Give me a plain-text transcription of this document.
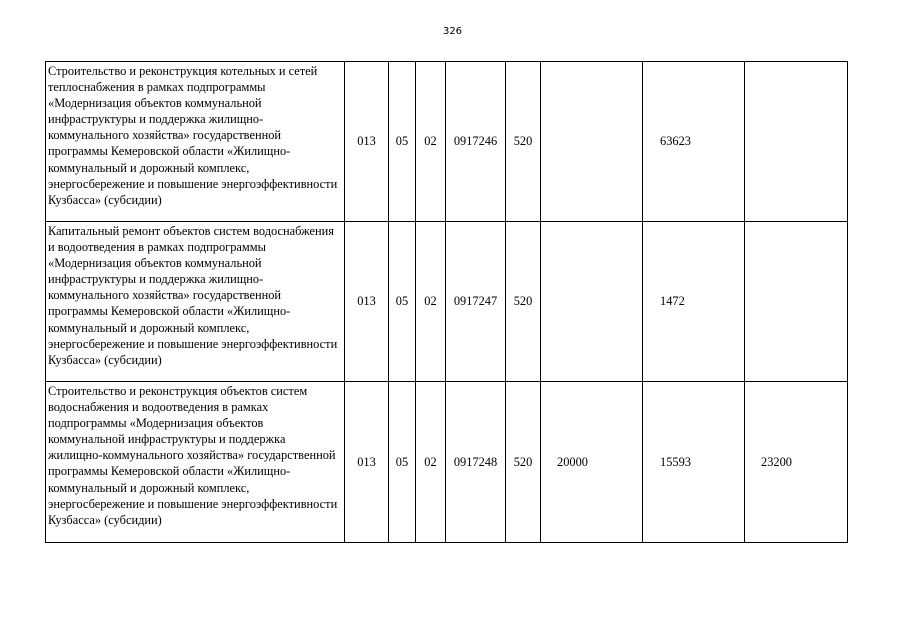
326
Строительство и реконструкция котельных и сетей теплоснабжения в рамках подпрограммы «Модернизация объектов коммунальной инфраструктуры и поддержка жилищно-коммунального хозяйства» государственной программы Кемеровской области «Жилищно-коммунальный и дорожный комплекс, энергосбережение и повышение энергоэффективности Кузбасса» (субсидии)	013	05	02	0917246	520		63623	
Капитальный ремонт объектов систем водоснабжения и водоотведения в рамках подпрограммы «Модернизация объектов коммунальной инфраструктуры и поддержка жилищно-коммунального хозяйства» государственной программы Кемеровской области «Жилищно-коммунальный и дорожный комплекс, энергосбережение и повышение энергоэффективности Кузбасса» (субсидии)	013	05	02	0917247	520		1472	
Строительство и реконструкция объектов систем водоснабжения и водоотведения в рамках подпрограммы «Модернизация объектов коммунальной инфраструктуры и поддержка жилищно-коммунального хозяйства» государственной программы Кемеровской области «Жилищно-коммунальный и дорожный комплекс, энергосбережение и повышение энергоэффективности Кузбасса» (субсидии)	013	05	02	0917248	520	20000	15593	23200
